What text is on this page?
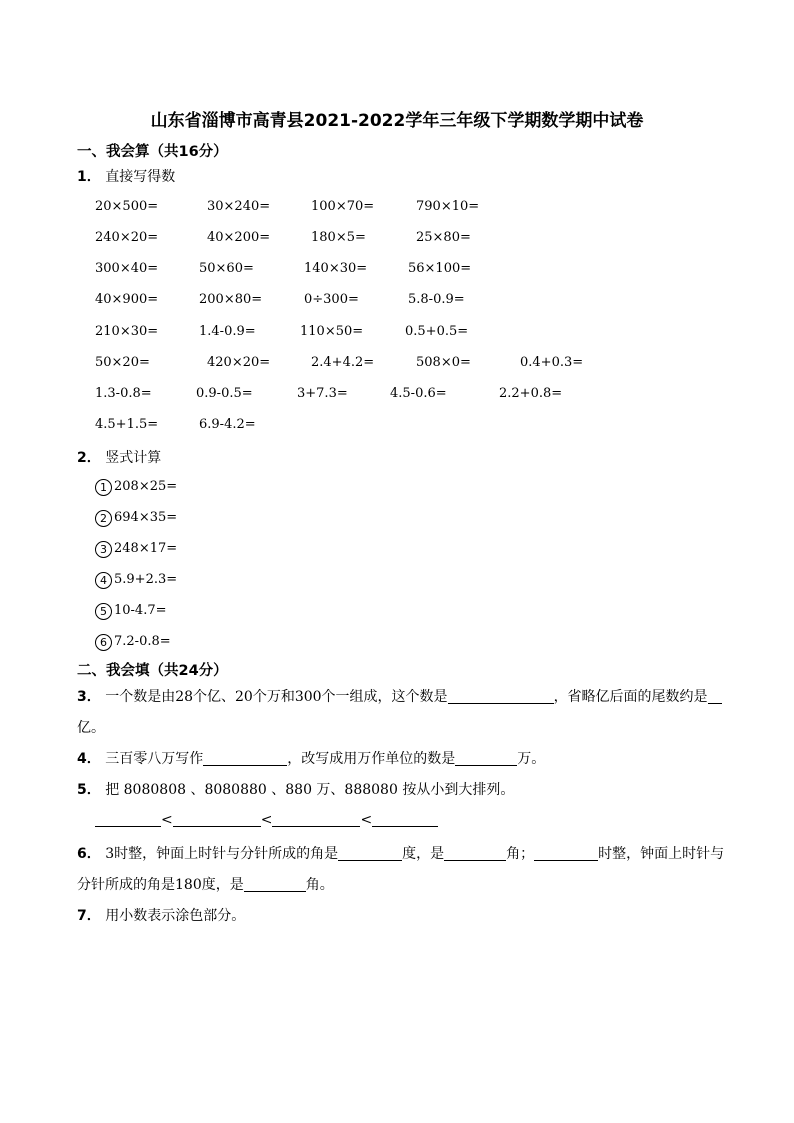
山东省淄博市高青县2021-2022学年三年级下学期数学期中试卷
一、我会算（共16分）
1． 直接写得数
20×500=	30×240=	100×70=	790×10=
240×20=	40×200=	180×5=	25×80=
300×40=	50×60=	140×30=	56×100=
40×900=	200×80=	0÷300=	5.8-0.9=
210×30=	1.4-0.9=	110×50=	0.5+0.5=
50×20=	420×20=	2.4+4.2=	508×0=	0.4+0.3=
1.3-0.8=	0.9-0.5=	3+7.3=	4.5-0.6=	2.2+0.8=
4.5+1.5=	6.9-4.2=
2． 竖式计算
1 208×25=
2 694×35=
3 248×17=
4 5.9+2.3=
5 10-4.7=
6 7.2-0.8=
二、我会填（共24分）
3． 一个数是由28个亿、20个万和300个一组成，这个数是	，省略亿后面的尾数约是
亿。
4． 三百零八万写作	，改写成用万作单位的数是	万。
5． 把 8080808 、8080880 、880 万、888080 按从小到大排列。
<	<	<
6． 3时整，钟面上时针与分针所成的角是	度，是	角；	时整，钟面上时针与
分针所成的角是180度，是	角。
7． 用小数表示涂色部分。
